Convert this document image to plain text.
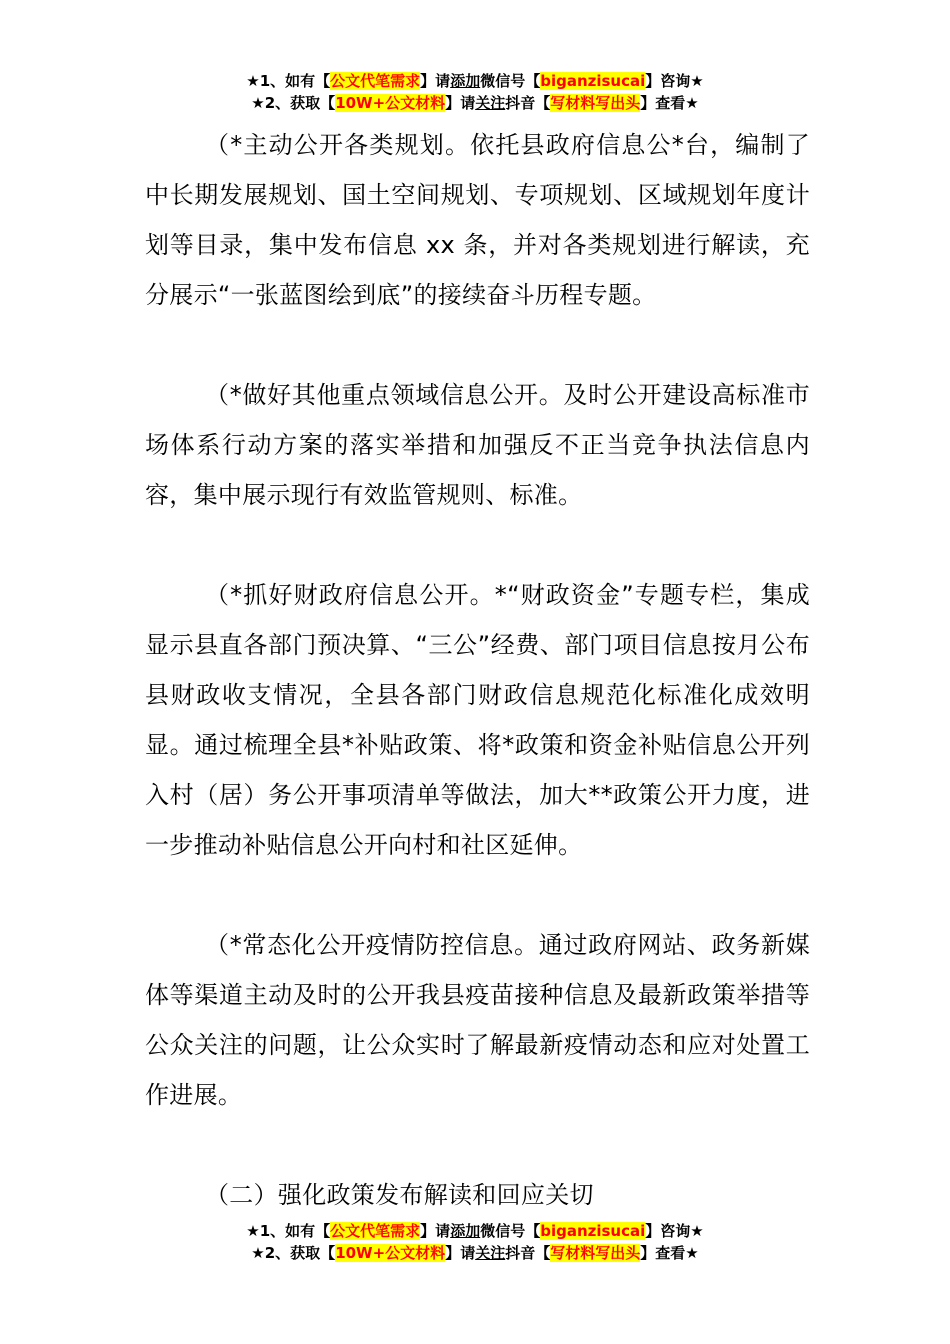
★1、如有【公文代笔需求】请添加微信号【biganzisucai】咨询★
★2、获取【10W+公文材料】请关注抖音【写材料写出头】查看★

（*主动公开各类规划。依托县政府信息公*台，编制了中长期发展规划、国土空间规划、专项规划、区域规划年度计划等目录，集中发布信息 xx 条，并对各类规划进行解读，充分展示“一张蓝图绘到底”的接续奋斗历程专题。

（*做好其他重点领域信息公开。及时公开建设高标准市场体系行动方案的落实举措和加强反不正当竞争执法信息内容，集中展示现行有效监管规则、标准。

（*抓好财政府信息公开。*“财政资金”专题专栏，集成显示县直各部门预决算、“三公”经费、部门项目信息按月公布县财政收支情况，全县各部门财政信息规范化标准化成效明显。通过梳理全县*补贴政策、将*政策和资金补贴信息公开列入村（居）务公开事项清单等做法，加大**政策公开力度，进一步推动补贴信息公开向村和社区延伸。

（*常态化公开疫情防控信息。通过政府网站、政务新媒体等渠道主动及时的公开我县疫苗接种信息及最新政策举措等公众关注的问题，让公众实时了解最新疫情动态和应对处置工作进展。

（二）强化政策发布解读和回应关切

★1、如有【公文代笔需求】请添加微信号【biganzisucai】咨询★
★2、获取【10W+公文材料】请关注抖音【写材料写出头】查看★
